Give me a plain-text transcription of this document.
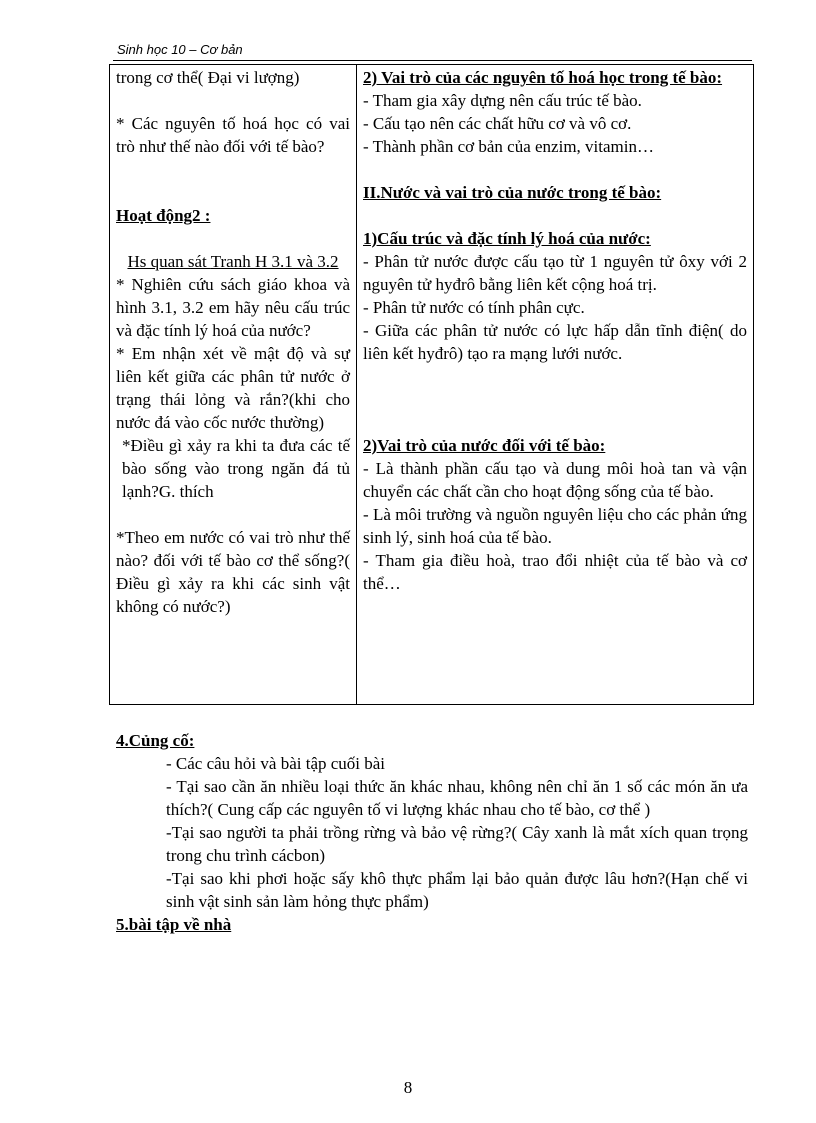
Sinh học 10 – Cơ bản

trong cơ thể( Đại vi lượng)

* Các nguyên tố hoá học có vai trò như thế nào đối với tế bào?

Hoạt động2 :

Hs quan sát Tranh H 3.1 và 3.2

* Nghiên cứu sách giáo khoa và hình 3.1, 3.2 em hãy nêu cấu trúc và đặc tính lý hoá của nước?

* Em nhận xét về mật độ và sự liên kết giữa các phân tử nước ở trạng thái lỏng và rắn?(khi cho nước đá vào cốc nước thường)

*Điều gì xảy ra khi ta đưa các tế bào sống vào trong ngăn đá tủ lạnh?G. thích

*Theo em nước có vai trò như thế nào? đối với tế bào cơ thể sống?( Điều gì xảy ra khi các sinh vật không có nước?)

2) Vai trò của các nguyên tố hoá học trong tế bào:

- Tham gia xây dựng nên cấu trúc tế bào.

- Cấu tạo nên các chất hữu cơ và vô cơ.

- Thành phần cơ bản của enzim, vitamin…

II.Nước và vai trò của nước trong tế bào:

1)Cấu trúc và đặc tính lý hoá của nước:

- Phân tử nước được cấu tạo từ 1 nguyên tử ôxy với 2 nguyên tử hyđrô bằng liên kết cộng hoá trị.

- Phân tử nước có tính phân cực.

- Giữa các phân tử nước có lực hấp dẫn tĩnh điện( do liên kết hyđrô) tạo ra mạng lưới nước.

2)Vai trò của nước đối với tế bào:

- Là thành phần cấu tạo và dung môi hoà tan và vận chuyển các chất cần cho hoạt động sống của tế bào.

- Là môi trường và nguồn nguyên liệu cho các phản ứng sinh lý, sinh hoá của tế bào.

- Tham gia điều hoà, trao đổi nhiệt của tế bào và cơ thể…

4.Củng cố:

- Các câu hỏi và bài tập cuối bài

- Tại sao cần ăn nhiều loại thức ăn khác nhau, không nên chỉ ăn 1 số các món ăn ưa thích?( Cung cấp các nguyên tố vi lượng khác nhau cho tế bào, cơ thể )

-Tại sao người ta phải trồng rừng và bảo vệ rừng?( Cây xanh là mắt xích quan trọng trong chu trình cácbon)

-Tại sao khi phơi hoặc sấy khô thực phẩm lại bảo quản được lâu hơn?(Hạn chế vi sinh vật sinh sản làm hỏng thực phẩm)

5.bài tập về nhà

8
